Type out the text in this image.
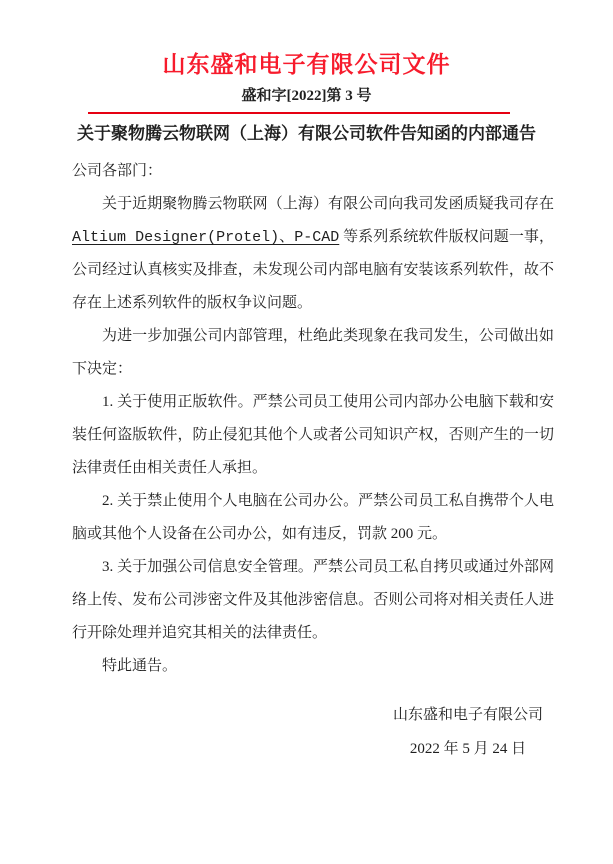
山东盛和电子有限公司文件
盛和字[2022]第 3 号
关于聚物腾云物联网（上海）有限公司软件告知函的内部通告

公司各部门：

关于近期聚物腾云物联网（上海）有限公司向我司发函质疑我司存在Altium Designer(Protel)、P-CAD 等系列系统软件版权问题一事，公司经过认真核实及排查，未发现公司内部电脑有安装该系列软件，故不存在上述系列软件的版权争议问题。

为进一步加强公司内部管理，杜绝此类现象在我司发生，公司做出如下决定：

1. 关于使用正版软件。严禁公司员工使用公司内部办公电脑下载和安装任何盗版软件，防止侵犯其他个人或者公司知识产权，否则产生的一切法律责任由相关责任人承担。

2. 关于禁止使用个人电脑在公司办公。严禁公司员工私自携带个人电脑或其他个人设备在公司办公，如有违反，罚款 200 元。

3. 关于加强公司信息安全管理。严禁公司员工私自拷贝或通过外部网络上传、发布公司涉密文件及其他涉密信息。否则公司将对相关责任人进行开除处理并追究其相关的法律责任。

特此通告。

山东盛和电子有限公司
2022 年 5 月 24 日
